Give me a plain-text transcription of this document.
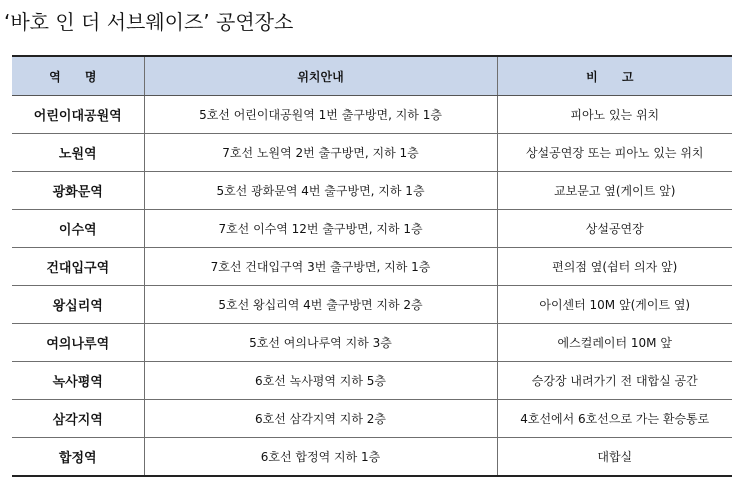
‘바호 인 더 서브웨이즈’ 공연장소
역 명	위치안내	비 고
어린이대공원역	5호선 어린이대공원역 1번 출구방면, 지하 1층	피아노 있는 위치
노원역	7호선 노원역 2번 출구방면, 지하 1층	상설공연장 또는 피아노 있는 위치
광화문역	5호선 광화문역 4번 출구방면, 지하 1층	교보문고 옆(게이트 앞)
이수역	7호선 이수역 12번 출구방면, 지하 1층	상설공연장
건대입구역	7호선 건대입구역 3번 출구방면, 지하 1층	편의점 옆(쉼터 의자 앞)
왕십리역	5호선 왕십리역 4번 출구방면 지하 2층	아이센터 10M 앞(게이트 옆)
여의나루역	5호선 여의나루역 지하 3층	에스컬레이터 10M 앞
녹사평역	6호선 녹사평역 지하 5층	승강장 내려가기 전 대합실 공간
삼각지역	6호선 삼각지역 지하 2층	4호선에서 6호선으로 가는 환승통로
합정역	6호선 합정역 지하 1층	대합실
